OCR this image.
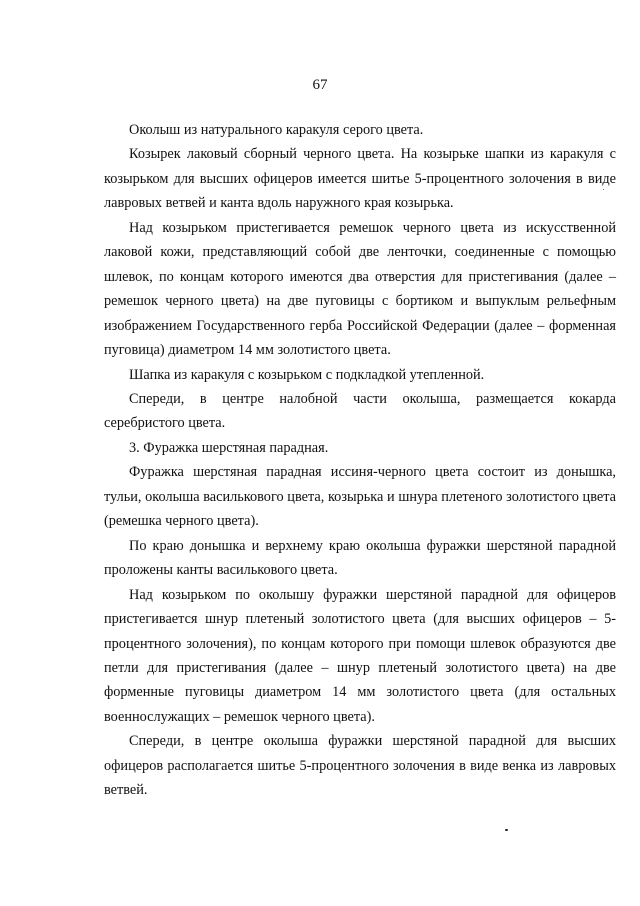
67

Околыш из натурального каракуля серого цвета.

Козырек лаковый сборный черного цвета. На козырьке шапки из каракуля с козырьком для высших офицеров имеется шитье 5-процентного золочения в виде лавровых ветвей и канта вдоль наружного края козырька.

Над козырьком пристегивается ремешок черного цвета из искусственной лаковой кожи, представляющий собой две ленточки, соединенные с помощью шлевок, по концам которого имеются два отверстия для пристегивания (далее – ремешок черного цвета) на две пуговицы с бортиком и выпуклым рельефным изображением Государственного герба Российской Федерации (далее – форменная пуговица) диаметром 14 мм золотистого цвета.

Шапка из каракуля с козырьком с подкладкой утепленной.

Спереди, в центре налобной части околыша, размещается кокарда серебристого цвета.

3. Фуражка шерстяная парадная.

Фуражка шерстяная парадная иссиня-черного цвета состоит из донышка, тульи, околыша василькового цвета, козырька и шнура плетеного золотистого цвета (ремешка черного цвета).

По краю донышка и верхнему краю околыша фуражки шерстяной парадной проложены канты василькового цвета.

Над козырьком по околышу фуражки шерстяной парадной для офицеров пристегивается шнур плетеный золотистого цвета (для высших офицеров – 5-процентного золочения), по концам которого при помощи шлевок образуются две петли для пристегивания (далее – шнур плетеный золотистого цвета) на две форменные пуговицы диаметром 14 мм золотистого цвета (для остальных военнослужащих – ремешок черного цвета).

Спереди, в центре околыша фуражки шерстяной парадной для высших офицеров располагается шитье 5-процентного золочения в виде венка из лавровых ветвей.
